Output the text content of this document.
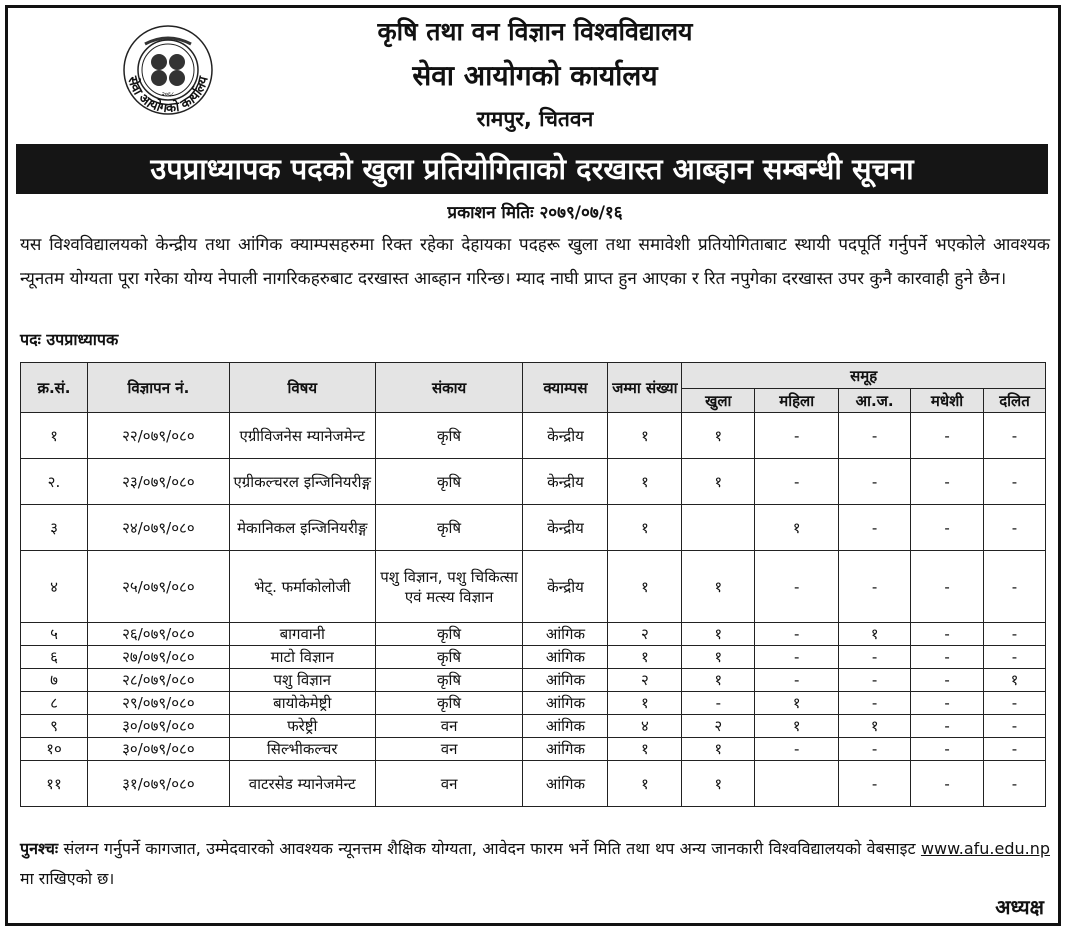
२०६८
सेवा आयोगको कार्यालय
कृषि तथा वन विज्ञान विश्वविद्यालय
सेवा आयोगको कार्यालय
रामपुर, चितवन
उपप्राध्यापक पदको खुला प्रतियोगिताको दरखास्त आब्हान सम्बन्धी सूचना
प्रकाशन मितिः २०७९/०७/१६
यस विश्वविद्यालयको केन्द्रीय तथा आंगिक क्याम्पसहरुमा रिक्त रहेका देहायका पदहरू खुला तथा समावेशी प्रतियोगिताबाट स्थायी पदपूर्ति गर्नुपर्ने भएकोले आवश्यक न्यूनतम योग्यता पूरा गरेका योग्य नेपाली नागरिकहरुबाट दरखास्त आब्हान गरिन्छ। म्याद नाघी प्राप्त हुन आएका र रित नपुगेका दरखास्त उपर कुनै कारवाही हुने छैन।
पदः उपप्राध्यापक
क्र.सं.	विज्ञापन नं.	विषय	संकाय	क्याम्पस	जम्मा संख्या	समूह				
						खुला	महिला	आ.ज.	मधेशी	दलित
१	२२/०७९/०८०	एग्रीविजनेस म्यानेजमेन्ट	कृषि	केन्द्रीय	१	१	-	-	-	-
२.	२३/०७९/०८०	एग्रीकल्चरल इन्जिनियरीङ्ग	कृषि	केन्द्रीय	१	१	-	-	-	-
३	२४/०७९/०८०	मेकानिकल इन्जिनियरीङ्ग	कृषि	केन्द्रीय	१		१	-	-	-
४	२५/०७९/०८०	भेट्. फर्माकोलोजी	पशु विज्ञान, पशु चिकित्सा एवं मत्स्य विज्ञान	केन्द्रीय	१	१	-	-	-	-
५	२६/०७९/०८०	बागवानी	कृषि	आंगिक	२	१	-	१	-	-
६	२७/०७९/०८०	माटो विज्ञान	कृषि	आंगिक	१	१	-	-	-	-
७	२८/०७९/०८०	पशु विज्ञान	कृषि	आंगिक	२	१	-	-	-	१
८	२९/०७९/०८०	बायोकेमेष्ट्री	कृषि	आंगिक	१	-	१	-	-	-
९	३०/०७९/०८०	फरेष्ट्री	वन	आंगिक	४	२	१	१	-	-
१०	३०/०७९/०८०	सिल्भीकल्चर	वन	आंगिक	१	१	-	-	-	-
११	३१/०७९/०८०	वाटरसेड म्यानेजमेन्ट	वन	आंगिक	१	१		-	-	-
पुनश्चः संलग्न गर्नुपर्ने कागजात, उम्मेदवारको आवश्यक न्यूनत्तम शैक्षिक योग्यता, आवेदन फारम भर्ने मिति तथा थप अन्य जानकारी विश्वविद्यालयको वेबसाइट www.afu.edu.np मा राखिएको छ।
अध्यक्ष
